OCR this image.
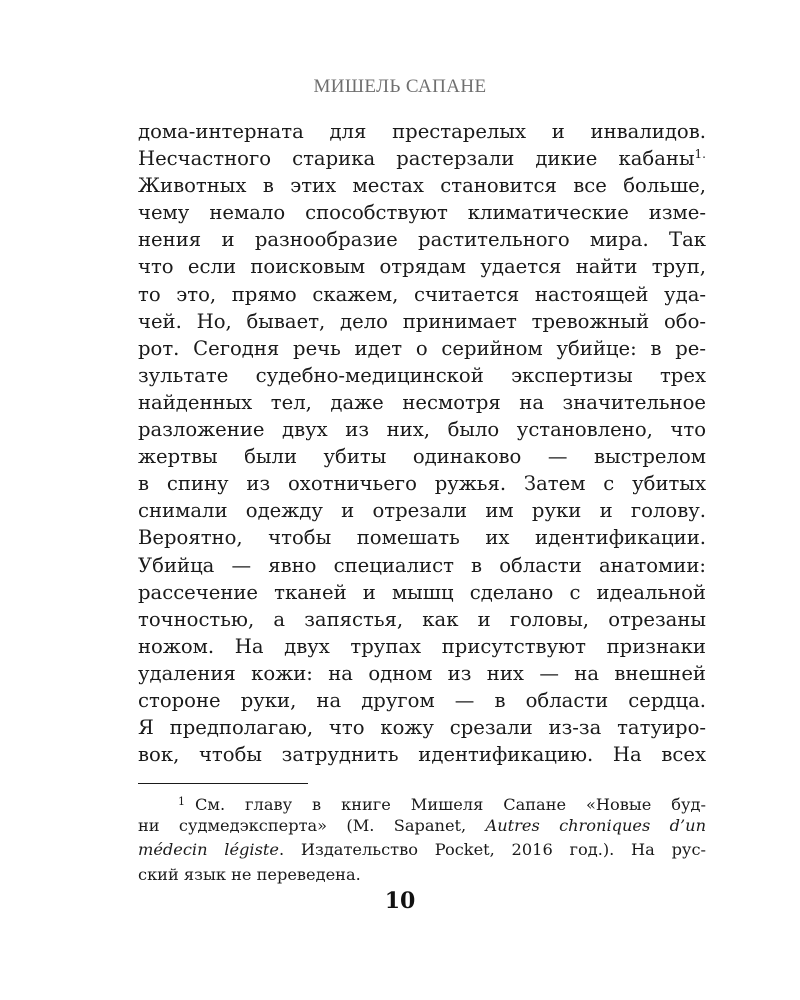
МИШЕЛЬ САПАНЕ
дома-интерната для престарелых и инвалидов.
Несчастного старика растерзали дикие кабаны$^{1.}$
Животных в этих местах становится все больше,
чему немало способствуют климатические изме-
нения и разнообразие растительного мира. Так
что если поисковым отрядам удается найти труп,
то это, прямо скажем, считается настоящей уда-
чей. Но, бывает, дело принимает тревожный обо-
рот. Сегодня речь идет о серийном убийце: в ре-
зультате судебно-медицинской экспертизы трех
найденных тел, даже несмотря на значительное
разложение двух из них, было установлено, что
жертвы были убиты одинаково — выстрелом
в спину из охотничьего ружья. Затем с убитых
снимали одежду и отрезали им руки и голову.
Вероятно, чтобы помешать их идентификации.
Убийца — явно специалист в области анатомии:
рассечение тканей и мышц сделано с идеальной
точностью, а запястья, как и головы, отрезаны
ножом. На двух трупах присутствуют признаки
удаления кожи: на одном из них — на внешней
стороне руки, на другом — в области сердца.
Я предполагаю, что кожу срезали из-за татуиро-
вок, чтобы затруднить идентификацию. На всех
$^1$ См. главу в книге Мишеля Сапане «Новые буд-
ни судмедэксперта» (M. Sapanet, Autres chroniques d’un
médecin légiste. Издательство Pocket, 2016 год.). На рус-
ский язык не переведена.
10
